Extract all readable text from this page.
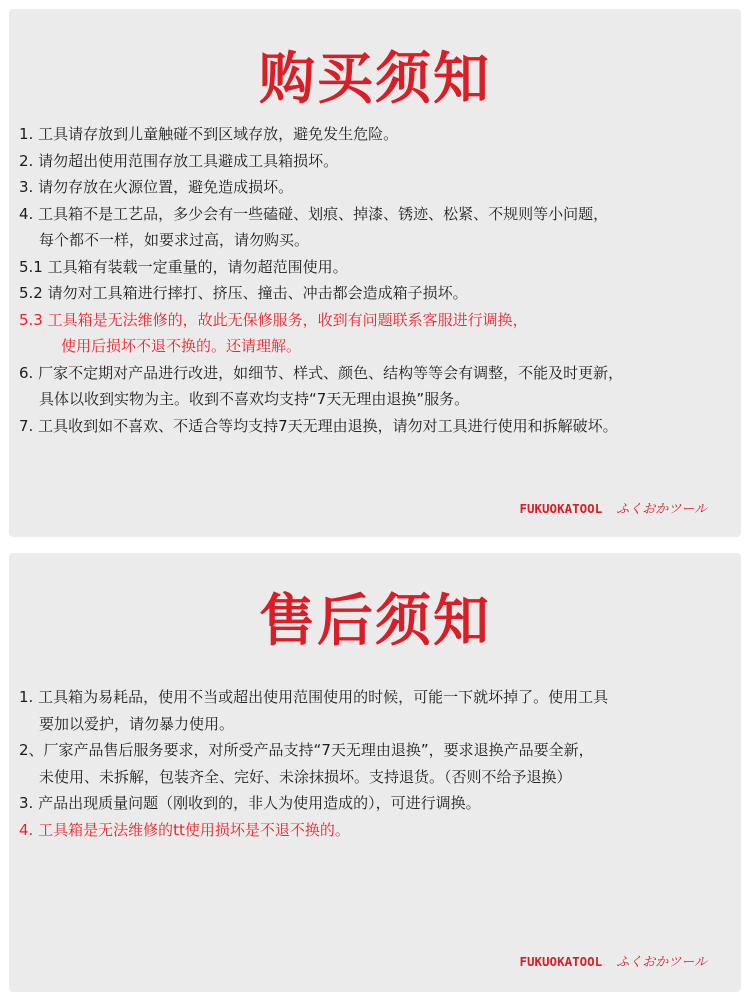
购买须知
1. 工具请存放到儿童触碰不到区域存放，避免发生危险。
2. 请勿超出使用范围存放工具避成工具箱损坏。
3. 请勿存放在火源位置，避免造成损坏。
4. 工具箱不是工艺品，多少会有一些磕碰、划痕、掉漆、锈迹、松紧、不规则等小问题，
每个都不一样，如要求过高，请勿购买。
5.1 工具箱有装载一定重量的，请勿超范围使用。
5.2 请勿对工具箱进行摔打、挤压、撞击、冲击都会造成箱子损坏。
5.3 工具箱是无法维修的，故此无保修服务，收到有问题联系客服进行调换，
使用后损坏不退不换的。还请理解。
6. 厂家不定期对产品进行改进，如细节、样式、颜色、结构等等会有调整，不能及时更新，
具体以收到实物为主。收到不喜欢均支持“7天无理由退换”服务。
7. 工具收到如不喜欢、不适合等均支持7天无理由退换，请勿对工具进行使用和拆解破坏。
FUKUOKATOOL ふくおかツール
售后须知
1. 工具箱为易耗品，使用不当或超出使用范围使用的时候，可能一下就坏掉了。使用工具
要加以爱护，请勿暴力使用。
2、厂家产品售后服务要求，对所受产品支持“7天无理由退换”，要求退换产品要全新，
未使用、未拆解，包装齐全、完好、未涂抹损坏。支持退货。（否则不给予退换）
3. 产品出现质量问题（刚收到的，非人为使用造成的），可进行调换。
4. 工具箱是无法维修的tt使用损坏是不退不换的。
FUKUOKATOOL ふくおかツール
